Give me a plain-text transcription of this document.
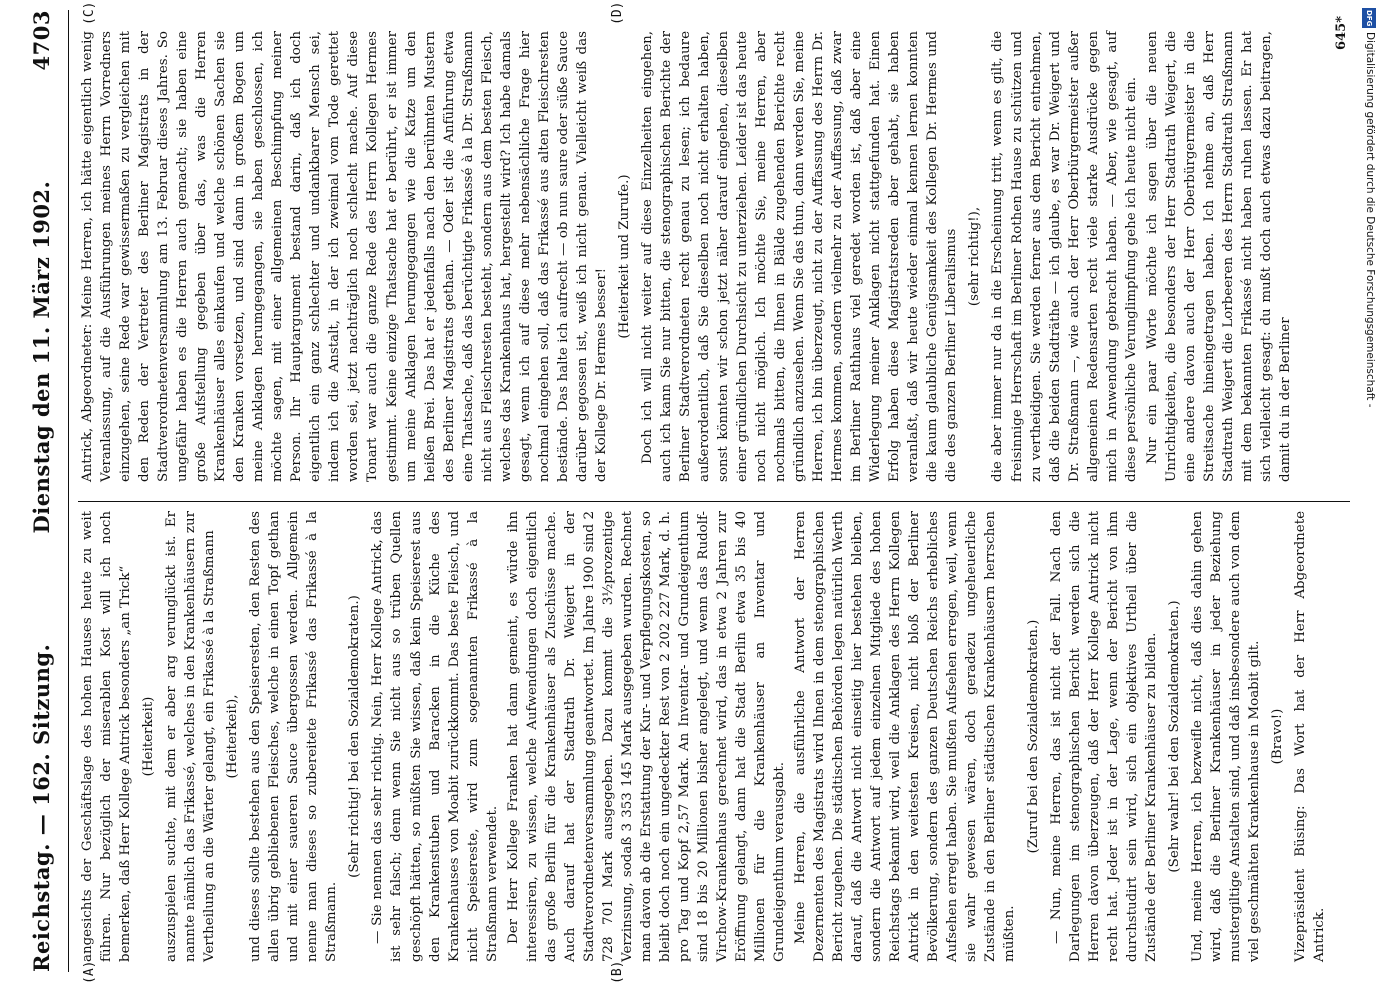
Reichstag. — 162. Sitzung.
Dienstag den 11. März 1902.
4703
(A)	(B)
(C)	(D)

angesichts der Geschäftslage des hohen Hauses heute zu weit führen. Nur bezüglich der miserablen Kost will ich noch bemerken, daß Herr Kollege Antrick besonders „an Trick“ (Heiterkeit) auszuspielen suchte, mit dem er aber arg verunglückt ist. Er nannte nämlich das Frikassé, welches in den Krankenhäusern zur Vertheilung an die Wärter gelangt, ein Frikassé à la Straßmann (Heiterkeit), und dieses sollte bestehen aus den Speiseresten, den Resten des allen übrig gebliebenen Fleisches, welche in einen Topf gethan und mit einer saueren Sauce übergossen werden. Allgemein nenne man dieses so zubereitete Frikassé das Frikassé à la Straßmann.

(Sehr richtig! bei den Sozialdemokraten.) — Sie nennen das sehr richtig. Nein, Herr Kollege Antrick, das ist sehr falsch; denn wenn Sie nicht aus so trüben Quellen geschöpft hätten, so müßten Sie wissen, daß kein Speiserest aus den Krankenstuben und Baracken in die Küche des Krankenhauses von Moabit zurückkommt. Das beste Fleisch, und nicht Speisereste, wird zum sogenannten Frikassé à la Straßmann verwendet. Der Herr Kollege Franken hat dann gemeint, es würde ihn interessiren, zu wissen, welche Aufwendungen doch eigentlich das große Berlin für die Krankenhäuser als Zuschüsse mache. Auch darauf hat der Stadtrath Dr. Weigert in der Stadtverordnetenversammlung geantwortet. Im Jahre 1900 sind 2 728 701 Mark ausgegeben. Dazu kommt die 3½prozentige Verzinsung, sodaß 3 353 145 Mark ausgegeben wurden. Rechnet man davon ab die Erstattung der Kur- und Verpflegungskosten, so bleibt doch noch ein ungedeckter Rest von 2 202 227 Mark, d. h. pro Tag und Kopf 2,57 Mark. An Inventar- und Grundeigenthum sind 18 bis 20 Millionen bisher angelegt, und wenn das Rudolf-Virchow-Krankenhaus gerechnet wird, das in etwa 2 Jahren zur Eröffnung gelangt, dann hat die Stadt Berlin etwa 35 bis 40 Millionen für die Krankenhäuser an Inventar und Grundeigenthum verausgabt. Meine Herren, die ausführliche Antwort der Herren Dezernenten des Magistrats wird Ihnen in dem stenographischen Bericht zugehen. Die städtischen Behörden legen natürlich Werth darauf, daß die Antwort nicht einseitig hier bestehen bleiben, sondern die Antwort auf jedem einzelnen Mitgliede des hohen Reichstags bekannt wird, weil die Anklagen des Herrn Kollegen Antrick in den weitesten Kreisen, nicht bloß der Berliner Bevölkerung, sondern des ganzen Deutschen Reichs erhebliches Aufsehen erregt haben. Sie mußten Aufsehen erregen, weil, wenn sie wahr gewesen wären, doch geradezu ungeheuerliche Zustände in den Berliner städtischen Krankenhäusern herrschen müßten.

(Zuruf bei den Sozialdemokraten.) — Nun, meine Herren, das ist nicht der Fall. Nach den Darlegungen im stenographischen Bericht werden sich die Herren davon überzeugen, daß der Herr Kollege Antrick nicht recht hat. Jeder ist in der Lage, wenn der Bericht von ihm durchstudirt sein wird, sich ein objektives Urtheil über die Zustände der Berliner Krankenhäuser zu bilden. (Sehr wahr! bei den Sozialdemokraten.) Und, meine Herren, ich bezweifle nicht, daß dies dahin gehen wird, daß die Berliner Krankenhäuser in jeder Beziehung mustergiltige Anstalten sind, und daß insbesondere auch von dem viel geschmähten Krankenhause in Moabit gilt. (Bravo!) Vizepräsident Büsing: Das Wort hat der Herr Abgeordnete Antrick.

Antrick, Abgeordneter: Meine Herren, ich hätte eigentlich wenig Veranlassung, auf die Ausführungen meines Herrn Vorredners einzugehen, seine Rede war gewissermaßen zu vergleichen mit den Reden der Vertreter des Berliner Magistrats in der Stadtverordnetenversammlung am 13. Februar dieses Jahres. So ungefähr haben es die Herren auch gemacht; sie haben eine große Aufstellung gegeben über das, was die Herren Krankenhäuser alles einkaufen und welche schönen Sachen sie den Kranken vorsetzen, und sind dann in großem Bogen um meine Anklagen herumgegangen, sie haben geschlossen, ich möchte sagen, mit einer allgemeinen Beschimpfung meiner Person. Ihr Hauptargument bestand darin, daß ich doch eigentlich ein ganz schlechter und undankbarer Mensch sei, indem ich die Anstalt, in der ich zweimal vom Tode gerettet worden sei, jetzt nachträglich noch schlecht mache. Auf diese Tonart war auch die ganze Rede des Herrn Kollegen Hermes gestimmt. Keine einzige Thatsache hat er berührt, er ist immer um meine Anklagen herumgegangen wie die Katze um den heißen Brei. Das hat er jedenfalls nach den berühmten Mustern des Berliner Magistrats gethan. — Oder ist die Anführung etwa eine Thatsache, daß das berüchtigte Frikassé à la Dr. Straßmann nicht aus Fleischresten besteht, sondern aus dem besten Fleisch, welches das Krankenhaus hat, hergestellt wird? Ich habe damals gesagt, wenn ich auf diese mehr nebensächliche Frage hier nochmal eingehen soll, daß das Frikassé aus alten Fleischresten bestände. Das halte ich aufrecht — ob nun saure oder süße Sauce darüber gegossen ist, weiß ich nicht genau. Vielleicht weiß das der Kollege Dr. Hermes besser!

(Heiterkeit und Zurufe.) Doch ich will nicht weiter auf diese Einzelheiten eingehen, auch ich kann Sie nur bitten, die stenographischen Berichte der Berliner Stadtverordneten recht genau zu lesen; ich bedaure außerordentlich, daß Sie dieselben noch nicht erhalten haben, sonst könnten wir schon jetzt näher darauf eingehen, dieselben einer gründlichen Durchsicht zu unterziehen. Leider ist das heute noch nicht möglich. Ich möchte Sie, meine Herren, aber nochmals bitten, die Ihnen in Bälde zugehenden Berichte recht gründlich anzusehen. Wenn Sie das thun, dann werden Sie, meine Herren, ich bin überzeugt, nicht zu der Auffassung des Herrn Dr. Hermes kommen, sondern vielmehr zu der Auffassung, daß zwar im Berliner Rathhaus viel geredet worden ist, daß aber eine Widerlegung meiner Anklagen nicht stattgefunden hat. Einen Erfolg haben diese Magistratsreden aber gehabt, sie haben veranlaßt, daß wir heute wieder einmal kennen lernen konnten die kaum glaubliche Genügsamkeit des Kollegen Dr. Hermes und die des ganzen Berliner Liberalismus (sehr richtig!), die aber immer nur da in die Erscheinung tritt, wenn es gilt, die freisinnige Herrschaft im Berliner Rothen Hause zu schützen und zu vertheidigen. Sie werden ferner aus dem Bericht entnehmen, daß die beiden Stadträthe — ich glaube, es war Dr. Weigert und Dr. Straßmann —, wie auch der Herr Oberbürgermeister außer allgemeinen Redensarten recht viele starke Ausdrücke gegen mich in Anwendung gebracht haben. — Aber, wie gesagt, auf diese persönliche Verunglimpfung gehe ich heute nicht ein. Nur ein paar Worte möchte ich sagen über die neuen Unrichtigkeiten, die besonders der Herr Stadtrath Weigert, die eine andere davon auch der Herr Oberbürgermeister in die Streitsache hineingetragen haben. Ich nehme an, daß Herr Stadtrath Weigert die Lorbeeren des Herrn Stadtrath Straßmann mit dem bekannten Frikassé nicht haben ruhen lassen. Er hat sich vielleicht gesagt: du mußt doch auch etwas dazu beitragen, damit du in der Berliner

645*	DFG
Digitalisierung gefördert durch die Deutsche Forschungsgemeinschaft -
